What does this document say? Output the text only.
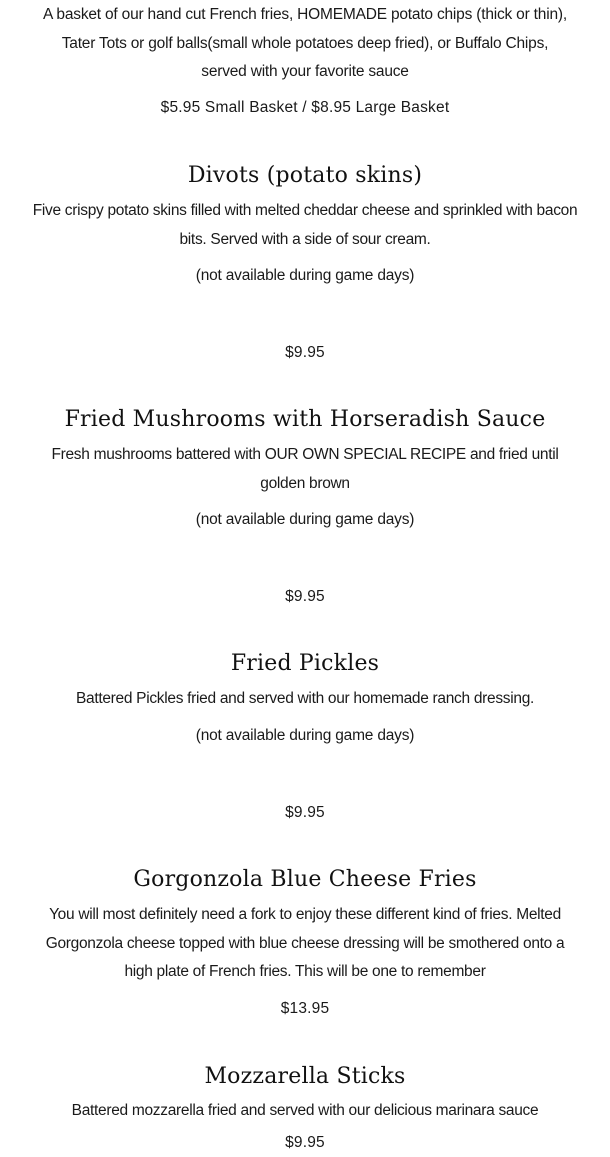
A basket of our hand cut French fries, HOMEMADE potato chips (thick or thin), Tater Tots or golf balls(small whole potatoes deep fried), or Buffalo Chips, served with your favorite sauce

$5.95 Small Basket / $8.95 Large Basket

Divots (potato skins)

Five crispy potato skins filled with melted cheddar cheese and sprinkled with bacon bits. Served with a side of sour cream.

(not available during game days)

$9.95

Fried Mushrooms with Horseradish Sauce

Fresh mushrooms battered with OUR OWN SPECIAL RECIPE and fried until golden brown

(not available during game days)

$9.95

Fried Pickles

Battered Pickles fried and served with our homemade ranch dressing.

(not available during game days)

$9.95

Gorgonzola Blue Cheese Fries

You will most definitely need a fork to enjoy these different kind of fries. Melted Gorgonzola cheese topped with blue cheese dressing will be smothered onto a high plate of French fries. This will be one to remember

$13.95

Mozzarella Sticks

Battered mozzarella fried and served with our delicious marinara sauce

$9.95
